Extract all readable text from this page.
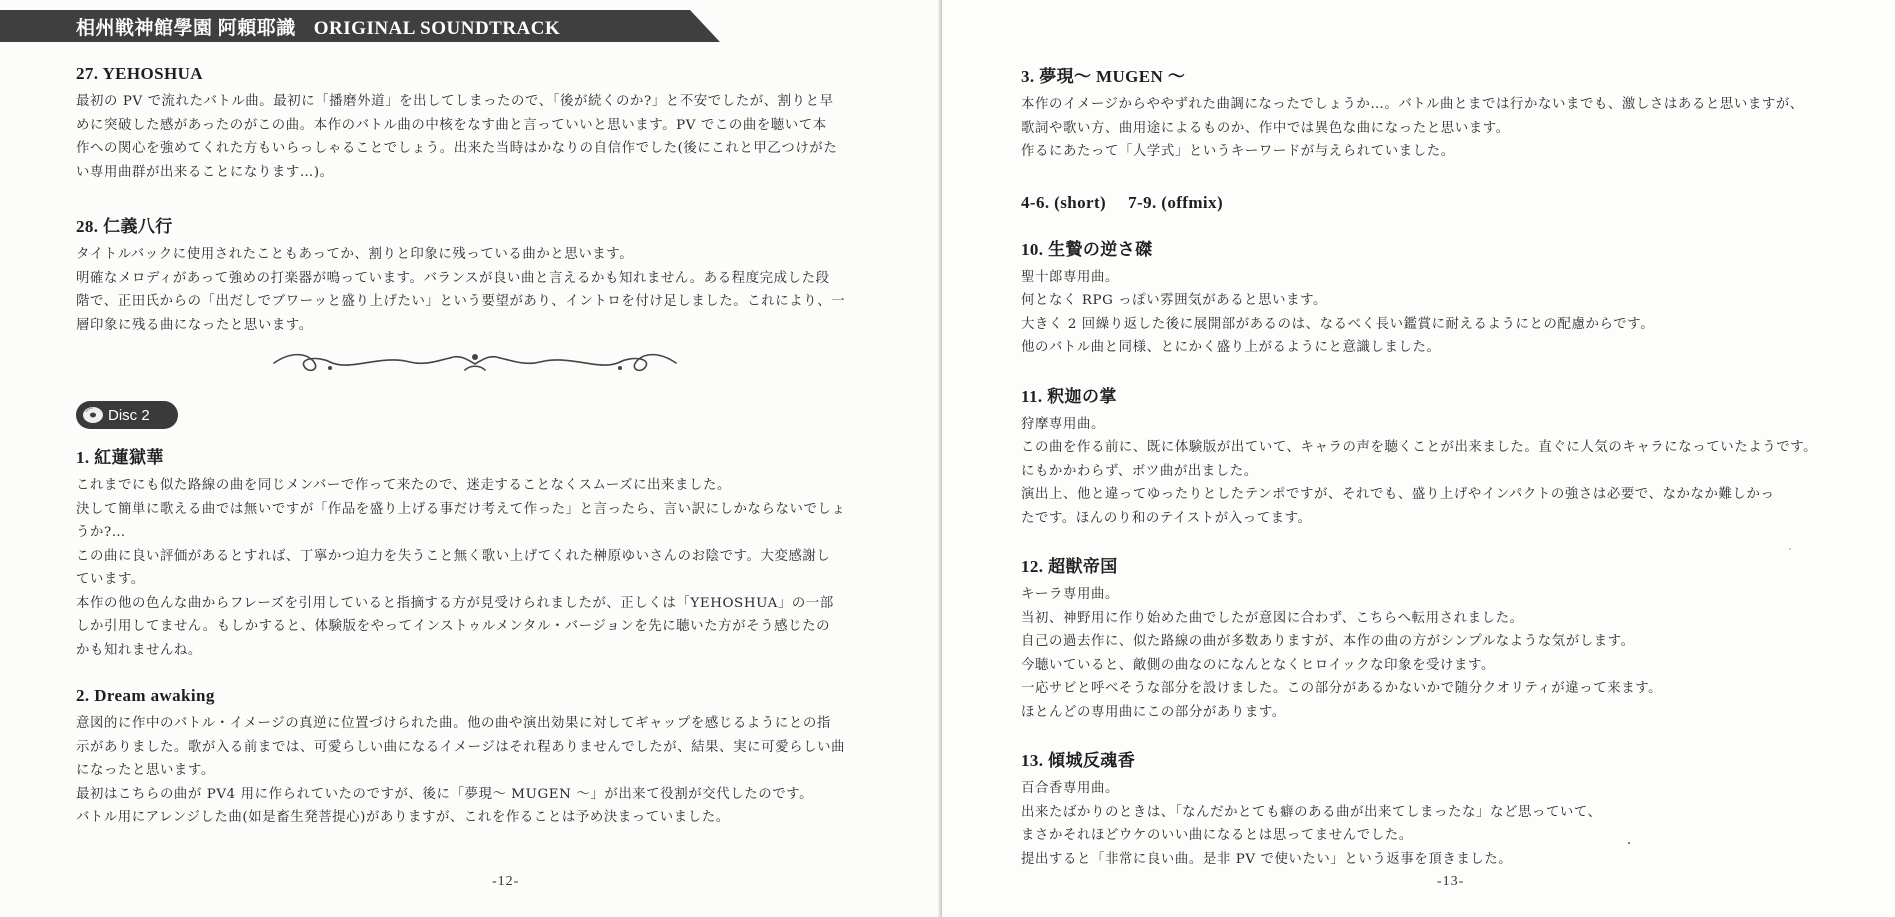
相州戦神館學園 阿頼耶識 ORIGINAL SOUNDTRACK
27. YEHOSHUA
最初の PV で流れたバトル曲。最初に「播磨外道」を出してしまったので、「後が続くのか?」と不安でしたが、割りと早
めに突破した感があったのがこの曲。本作のバトル曲の中核をなす曲と言っていいと思います。PV でこの曲を聴いて本
作への関心を強めてくれた方もいらっしゃることでしょう。出来た当時はかなりの自信作でした(後にこれと甲乙つけがた
い専用曲群が出来ることになります…)。
28. 仁義八行
タイトルバックに使用されたこともあってか、割りと印象に残っている曲かと思います。
明確なメロディがあって強めの打楽器が鳴っています。バランスが良い曲と言えるかも知れません。ある程度完成した段
階で、正田氏からの「出だしでブワーッと盛り上げたい」という要望があり、イントロを付け足しました。これにより、一
層印象に残る曲になったと思います。
Disc 2
1. 紅蓮獄華
これまでにも似た路線の曲を同じメンバーで作って来たので、迷走することなくスムーズに出来ました。
決して簡単に歌える曲では無いですが「作品を盛り上げる事だけ考えて作った」と言ったら、言い訳にしかならないでしょ
うか?…
この曲に良い評価があるとすれば、丁寧かつ迫力を失うこと無く歌い上げてくれた榊原ゆいさんのお陰です。大変感謝し
ています。
本作の他の色んな曲からフレーズを引用していると指摘する方が見受けられましたが、正しくは「YEHOSHUA」の一部
しか引用してません。もしかすると、体験版をやってインストゥルメンタル・バージョンを先に聴いた方がそう感じたの
かも知れませんね。
2. Dream awaking
意図的に作中のバトル・イメージの真逆に位置づけられた曲。他の曲や演出効果に対してギャップを感じるようにとの指
示がありました。歌が入る前までは、可愛らしい曲になるイメージはそれ程ありませんでしたが、結果、実に可愛らしい曲
になったと思います。
最初はこちらの曲が PV4 用に作られていたのですが、後に「夢現～ MUGEN ～」が出来て役割が交代したのです。
バトル用にアレンジした曲(如是畜生発菩提心)がありますが、これを作ることは予め決まっていました。
-12-
3. 夢現～ MUGEN ～
本作のイメージからややずれた曲調になったでしょうか…。バトル曲とまでは行かないまでも、激しさはあると思いますが、
歌詞や歌い方、曲用途によるものか、作中では異色な曲になったと思います。
作るにあたって「人学式」というキーワードが与えられていました。
4-6. (short)　 7-9. (offmix)
10. 生贄の逆さ磔
聖十郎専用曲。
何となく RPG っぽい雰囲気があると思います。
大きく 2 回繰り返した後に展開部があるのは、なるべく長い鑑賞に耐えるようにとの配慮からです。
他のバトル曲と同様、とにかく盛り上がるようにと意識しました。
11. 釈迦の掌
狩摩専用曲。
この曲を作る前に、既に体験版が出ていて、キャラの声を聴くことが出来ました。直ぐに人気のキャラになっていたようです。
にもかかわらず、ボツ曲が出ました。
演出上、他と違ってゆったりとしたテンポですが、それでも、盛り上げやインパクトの強さは必要で、なかなか難しかっ
たです。ほんのり和のテイストが入ってます。
12. 超獣帝国
キーラ専用曲。
当初、神野用に作り始めた曲でしたが意図に合わず、こちらへ転用されました。
自己の過去作に、似た路線の曲が多数ありますが、本作の曲の方がシンプルなような気がします。
今聴いていると、敵側の曲なのになんとなくヒロイックな印象を受けます。
一応サビと呼べそうな部分を設けました。この部分があるかないかで随分クオリティが違って来ます。
ほとんどの専用曲にこの部分があります。
13. 傾城反魂香
百合香専用曲。
出来たばかりのときは、「なんだかとても癖のある曲が出来てしまったな」など思っていて、
まさかそれほどウケのいい曲になるとは思ってませんでした。
提出すると「非常に良い曲。是非 PV で使いたい」という返事を頂きました。
-13-
